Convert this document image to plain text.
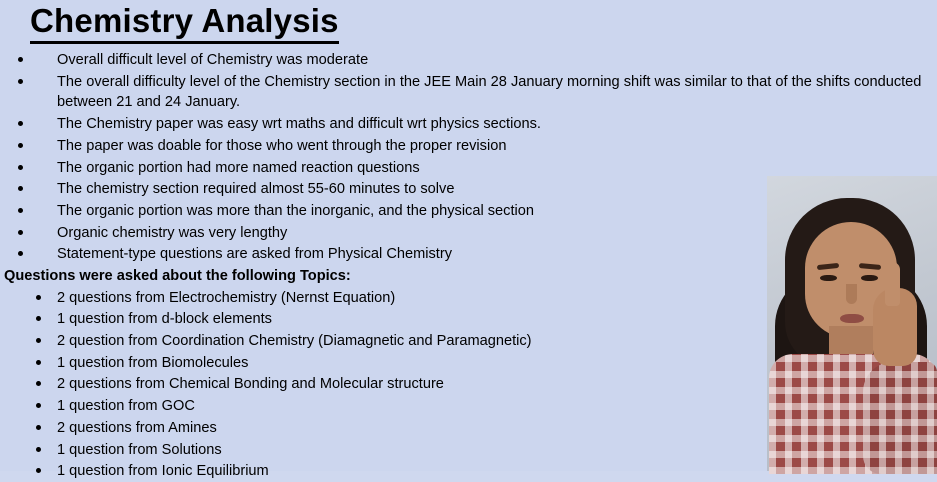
Chemistry Analysis
Overall difficult level of Chemistry was moderate
The overall difficulty level of the Chemistry section in the JEE Main 28 January morning shift was similar to that of the shifts conducted between 21 and 24 January.
The Chemistry paper was easy wrt maths and difficult wrt physics sections.
The paper was doable for those who went through the proper revision
The organic portion had more named reaction questions
The chemistry section required almost 55-60 minutes to solve
The organic portion was more than the inorganic, and the physical section
Organic chemistry was very lengthy
Statement-type questions are asked from Physical Chemistry
Questions were asked about the following Topics:
2 questions from Electrochemistry (Nernst Equation)
1 question from d-block elements
2 question from Coordination Chemistry (Diamagnetic and Paramagnetic)
1 question from Biomolecules
2 questions from Chemical Bonding and Molecular structure
1 question from GOC
2 questions from Amines
1 question from Solutions
1 question from Ionic Equilibrium
